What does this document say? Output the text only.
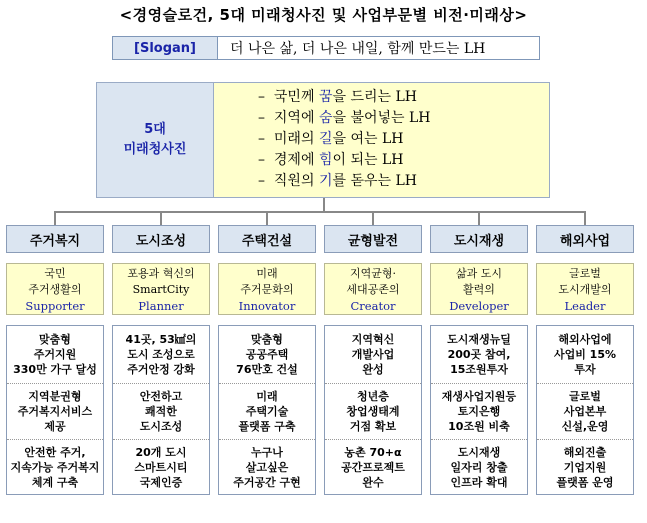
<경영슬로건, 5대 미래청사진 및 사업부문별 비전·미래상>
[Slogan]	더 나은 삶, 더 나은 내일, 함께 만드는 LH
5대
미래청사진
– 국민께 꿈을 드리는 LH
– 지역에 숨을 불어넣는 LH
– 미래의 길을 여는 LH
– 경제에 힘이 되는 LH
– 직원의 기를 돋우는 LH
주거복지
국민
주거생활의
Supporter
맞춤형
주거지원
330만 가구 달성
지역분권형
주거복지서비스
제공
안전한 주거,
지속가능 주거복지
체계 구축
도시조성
포용과 혁신의
SmartCity
Planner
41곳, 53㎢의
도시 조성으로
주거안정 강화
안전하고
쾌적한
도시조성
20개 도시
스마트시티
국제인증
주택건설
미래
주거문화의
Innovator
맞춤형
공공주택
76만호 건설
미래
주택기술
플랫폼 구축
누구나
살고싶은
주거공간 구현
균형발전
지역균형·
세대공존의
Creator
지역혁신
개발사업
완성
청년층
창업생태계
거점 확보
농촌 70+α
공간프로젝트
완수
도시재생
삶과 도시
활력의
Developer
도시재생뉴딜
200곳 참여,
15조원투자
재생사업지원등
토지은행
10조원 비축
도시재생
일자리 창출
인프라 확대
해외사업
글로벌
도시개발의
Leader
해외사업에
사업비 15%
투자
글로벌
사업본부
신설,운영
해외진출
기업지원
플랫폼 운영
